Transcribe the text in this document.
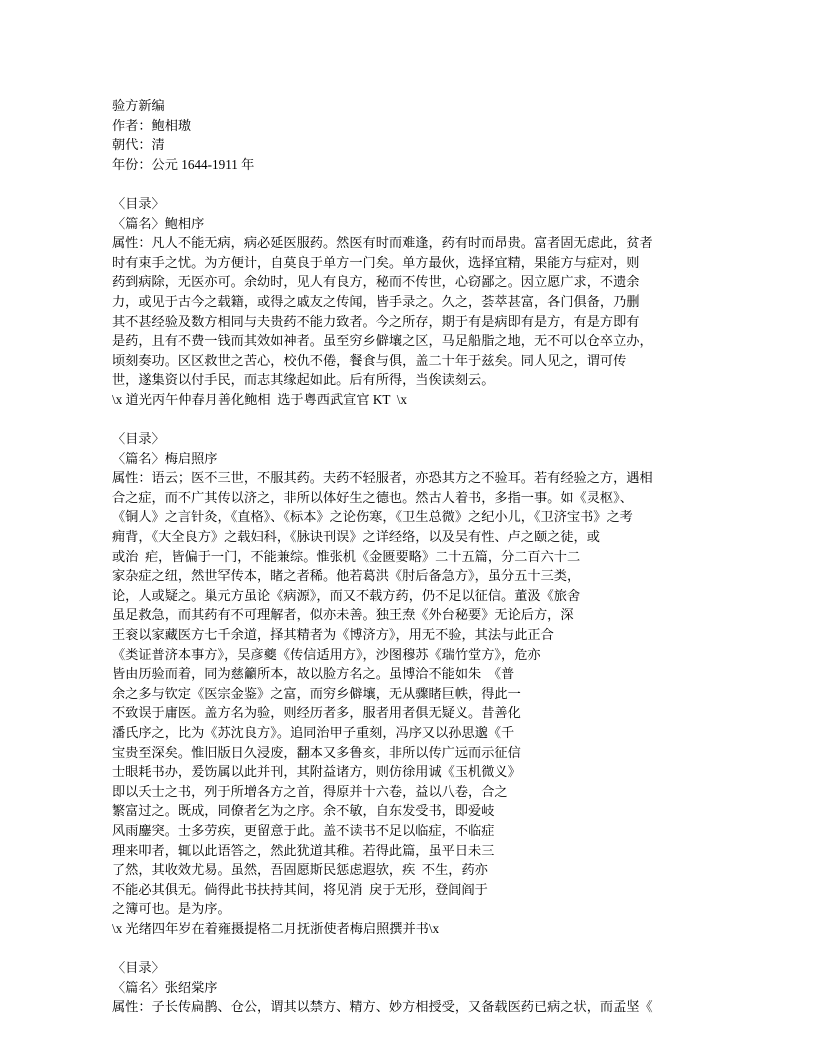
验方新编
作者：鲍相璈
朝代：清
年份：公元 1644-1911 年
〈目录〉
〈篇名〉鲍相序
属性：凡人不能无病，病必延医服药。然医有时而难逢，药有时而昂贵。富者固无虑此，贫者
时有束手之忧。为方便计，自莫良于单方一门矣。单方最伙，选择宜精，果能方与症对，则
药到病除，无医亦可。余幼时，见人有良方，秘而不传世，心窃鄙之。因立愿广求，不遗余
力，或见于古今之载籍，或得之戚友之传闻，皆手录之。久之，荟萃甚富，各门俱备，乃删
其不甚经验及数方相同与夫贵药不能力致者。今之所存，期于有是病即有是方，有是方即有
是药，且有不费一钱而其效如神者。虽至穷乡僻壤之区，马足船脂之地，无不可以仓卒立办，
顷刻奏功。区区救世之苦心，校仇不倦，餐食与俱，盖二十年于兹矣。同人见之，谓可传
世，遂集资以付手民，而志其缘起如此。后有所得，当俟读刻云。
\x 道光丙午仲春月善化鲍相  选于粤西武宣官 KT  \x
〈目录〉
〈篇名〉梅启照序
属性：语云；医不三世，不服其药。夫药不轻服者，亦恐其方之不验耳。若有经验之方，遇相
合之症，而不广其传以济之，非所以体好生之德也。然古人着书，多指一事。如《灵枢》、
《铜人》之言针灸，《直格》、《标本》之论伤寒，《卫生总微》之纪小儿，《卫济宝书》之考
痈背，《大全良方》之载妇科，《脉诀刊误》之详经络，以及吴有性、卢之颐之徒，或
或治  疟，皆偏于一门，不能兼综。惟张机《金匮要略》二十五篇，分二百六十二
家杂症之纽，然世罕传本，睹之者稀。他若葛洪《肘后备急方》，虽分五十三类，
论，人或疑之。巢元方虽论《病源》，而又不载方药，仍不足以征信。董汲《旅舍
虽足救急，而其药有不可理解者，似亦未善。独王焘《外台秘要》无论后方，深
王衮以家藏医方七千余道，择其精者为《博济方》，用无不验，其法与此正合
《类证普济本事方》，吴彦夔《传信适用方》，沙图穆苏《瑞竹堂方》，危亦
皆由历验而着，同为慈籲所本，故以脸方名之。虽博洽不能如朱  《普
余之多与钦定《医宗金鉴》之富，而穷乡僻壤，无从骤睹巨帙，得此一
不致误于庸医。盖方名为验，则经历者多，服者用者俱无疑义。昔善化
潘氏序之，比为《苏沈良方》。追同治甲子重刻，冯序又以孙思邈《千
宝贵至深矣。惟旧版日久浸废，翻本又多鲁亥，非所以传广远而示征信
士眼耗书办，爰饬属以此并刊，其附益诸方，则仿徐用诚《玉机微义》
即以夭士之书，列于所增各方之首，得原并十六卷，益以八卷，合之
繁富过之。既成，同僚者乞为之序。余不敏，自东发受书，即爱岐
风雨鏖突。士多劳疾，更留意于此。盖不读书不足以临症，不临症
理来叩者，辄以此语答之，然此犹道其稚。若得此篇，虽平日未三
了然，其收效尤易。虽然，吾固愿斯民惩虑遐欤，疾  不生，药亦
不能必其俱无。倘得此书扶持其间，将见消  戾于无形，登闾阎于
之簿可也。是为序。
\x 光绪四年岁在着雍摄提格二月抚浙使者梅启照撰并书\x
〈目录〉
〈篇名〉张绍棠序
属性：子长传扁鹊、仓公，谓其以禁方、精方、妙方相授受，又备载医药已病之状，而孟坚《
